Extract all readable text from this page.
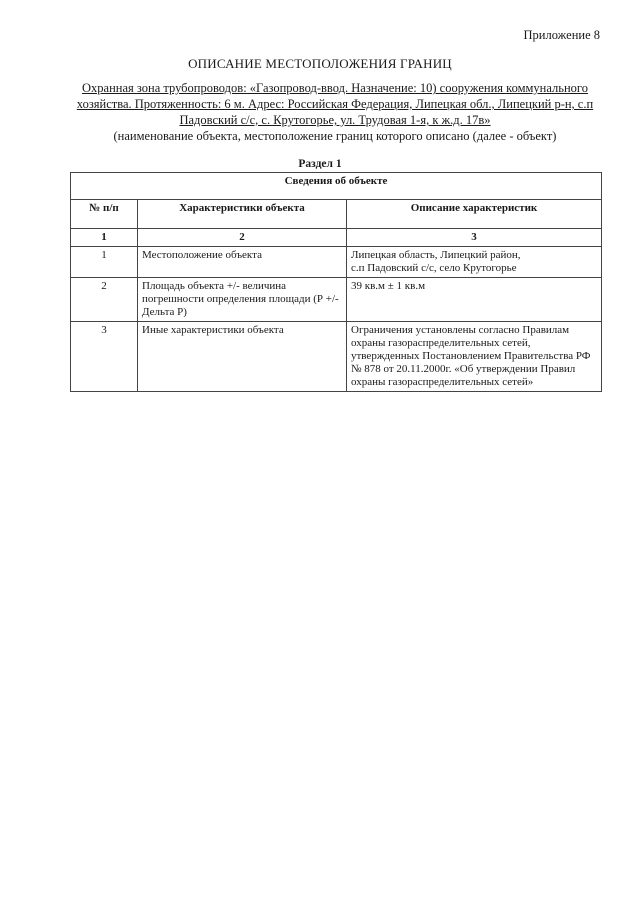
Приложение 8
ОПИСАНИЕ МЕСТОПОЛОЖЕНИЯ ГРАНИЦ
Охранная зона трубопроводов: «Газопровод-ввод. Назначение: 10) сооружения коммунального хозяйства. Протяженность: 6 м. Адрес: Российская Федерация, Липецкая обл., Липецкий р-н, с.п Падовский с/с, с. Крутогорье, ул. Трудовая 1-я, к ж.д. 17в»
(наименование объекта, местоположение границ которого описано (далее - объект)
Раздел 1
Сведения об объекте		
№ п/п	Характеристики объекта	Описание характеристик
1	2	3
1	Местоположение объекта	Липецкая область, Липецкий район,
с.п Падовский с/с, село Крутогорье

2	Площадь объекта +/- величина погрешности определения площади (Р +/- Дельта Р)	39 кв.м ± 1 кв.м

3	Иные характеристики объекта	Ограничения установлены согласно Правилам охраны газораспределительных сетей, утвержденных Постановлением Правительства РФ № 878 от 20.11.2000г. «Об утверждении Правил охраны газораспределительных сетей»
